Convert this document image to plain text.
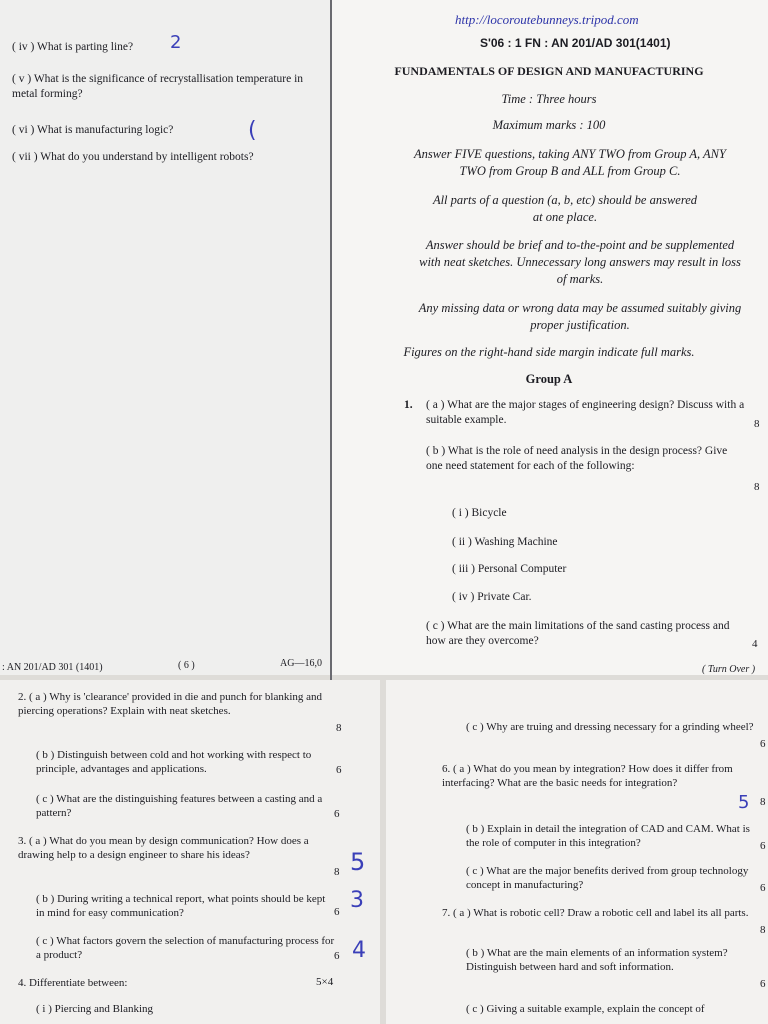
( iv ) What is parting line?	2
( v ) What is the significance of recrystallisation temperature in metal forming?
( vi ) What is manufacturing logic?	(
( vii ) What do you understand by intelligent robots?
: AN 201/AD 301 (1401)	( 6 )	AG—16,0
http://locoroutebunneys.tripod.com
S'06 : 1 FN : AN 201/AD 301(1401)
FUNDAMENTALS OF DESIGN AND MANUFACTURING
Time : Three hours
Maximum marks : 100
Answer FIVE questions, taking ANY TWO from Group A, ANY TWO from Group B and ALL from Group C.
All parts of a question (a, b, etc) should be answered at one place.
Answer should be brief and to-the-point and be supplemented with neat sketches. Unnecessary long answers may result in loss of marks.
Any missing data or wrong data may be assumed suitably giving proper justification.
Figures on the right-hand side margin indicate full marks.
Group A
1. ( a ) What are the major stages of engineering design? Discuss with a suitable example.	8
( b ) What is the role of need analysis in the design process? Give one need statement for each of the following:
8
( i ) Bicycle
( ii ) Washing Machine
( iii ) Personal Computer
( iv ) Private Car.
( c ) What are the main limitations of the sand casting process and how are they overcome?	4
( Turn Over )
2. ( a ) Why is 'clearance' provided in die and punch for blanking and piercing operations? Explain with neat sketches.
8
( b ) Distinguish between cold and hot working with respect to principle, advantages and applications.	6
( c ) What are the distinguishing features between a casting and a pattern?	6
3. ( a ) What do you mean by design communication? How does a drawing help to a design engineer to share his ideas?
8 5
( b ) During writing a technical report, what points should be kept in mind for easy communication?	6 3
( c ) What factors govern the selection of manufacturing process for a product?	6 4
4. Differentiate between:	5×4
( i ) Piercing and Blanking
( c ) Why are truing and dressing necessary for a grinding wheel?
6
6. ( a ) What do you mean by integration? How does it differ from interfacing? What are the basic needs for integration?
5 8
( b ) Explain in detail the integration of CAD and CAM. What is the role of computer in this integration?	6
( c ) What are the major benefits derived from group technology concept in manufacturing?	6
7. ( a ) What is robotic cell? Draw a robotic cell and label its all parts.
8
( b ) What are the main elements of an information system? Distinguish between hard and soft information.
6
( c ) Giving a suitable example, explain the concept of
